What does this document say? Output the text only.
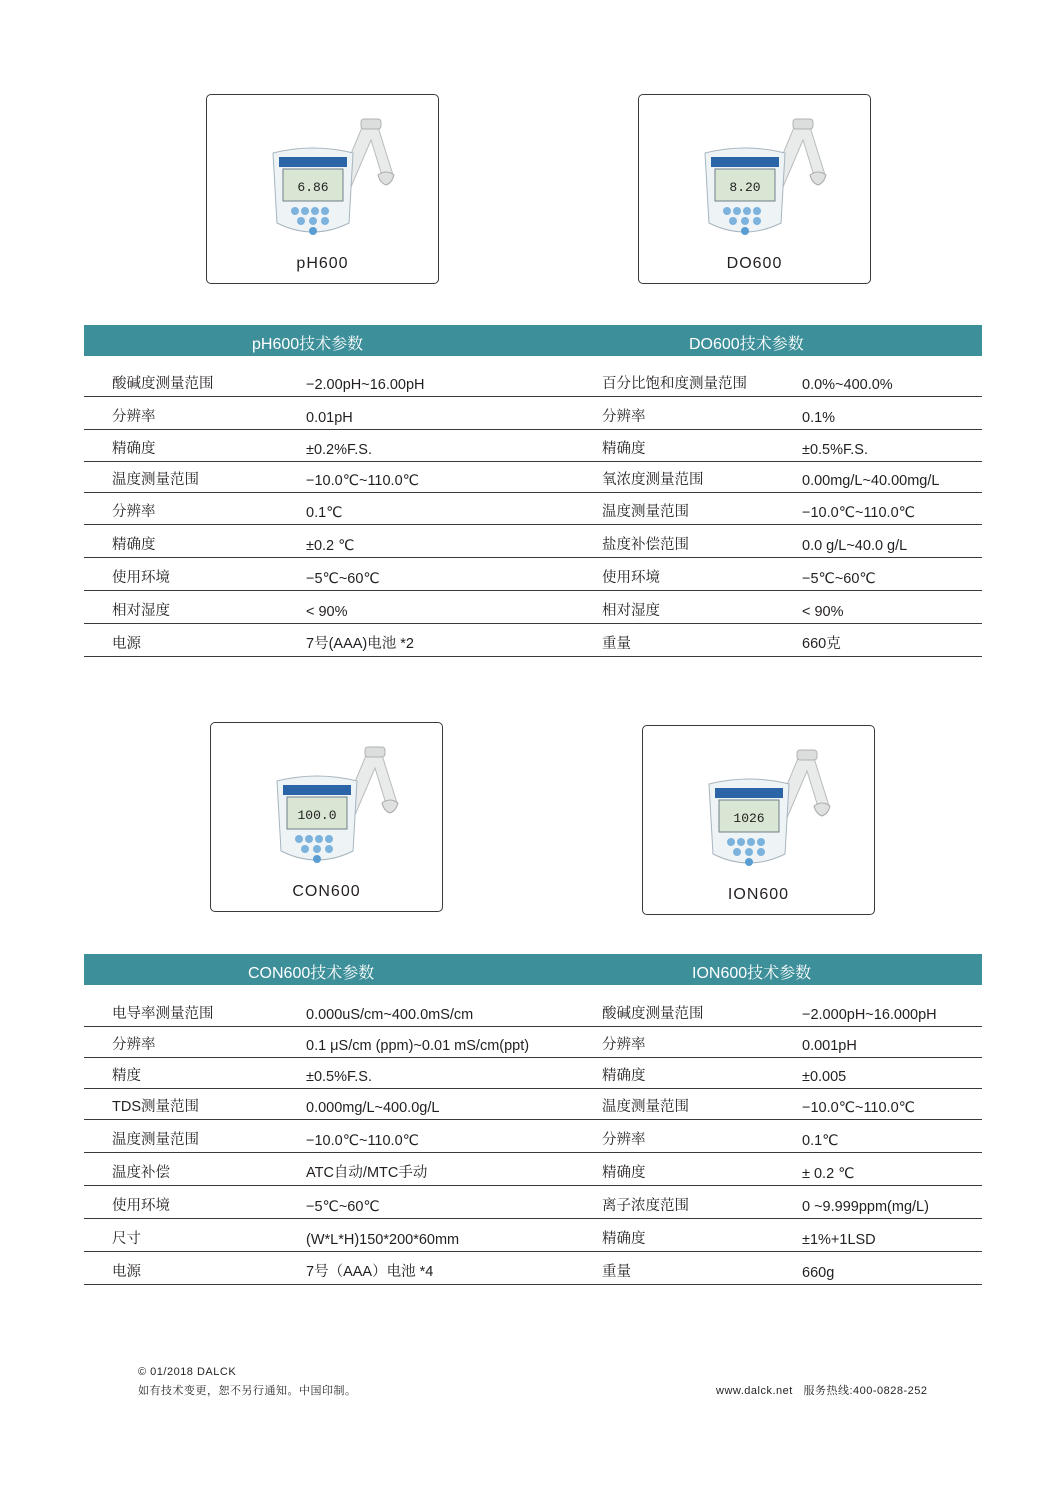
6.86
pH600
8.20
DO600
pH600技术参数	DO600技术参数
酸碱度测量范围	−2.00pH~16.00pH	百分比饱和度测量范围	0.0%~400.0%
分辨率	0.01pH	分辨率	0.1%
精确度	±0.2%F.S.	精确度	±0.5%F.S.
温度测量范围	−10.0℃~110.0℃	氧浓度测量范围	0.00mg/L~40.00mg/L
分辨率	0.1℃	温度测量范围	−10.0℃~110.0℃
精确度	±0.2 ℃	盐度补偿范围	0.0 g/L~40.0 g/L
使用环境	−5℃~60℃	使用环境	−5℃~60℃
相对湿度	< 90%	相对湿度	< 90%
电源	7号(AAA)电池 *2	重量	660克
100.0
CON600
1026
ION600
CON600技术参数	ION600技术参数
电导率测量范围	0.000uS/cm~400.0mS/cm	酸碱度测量范围	−2.000pH~16.000pH
分辨率	0.1 μS/cm (ppm)~0.01 mS/cm(ppt)	分辨率	0.001pH
精度	±0.5%F.S.	精确度	±0.005
TDS测量范围	0.000mg/L~400.0g/L	温度测量范围	−10.0℃~110.0℃
温度测量范围	−10.0℃~110.0℃	分辨率	0.1℃
温度补偿	ATC自动/MTC手动	精确度	± 0.2 ℃
使用环境	−5℃~60℃	离子浓度范围	0 ~9.999ppm(mg/L)
尺寸	(W*L*H)150*200*60mm	精确度	±1%+1LSD
电源	7号（AAA）电池 *4	重量	660g
© 01/2018 DALCK
如有技术变更，恕不另行通知。中国印制。	www.dalck.net   服务热线:400-0828-252
